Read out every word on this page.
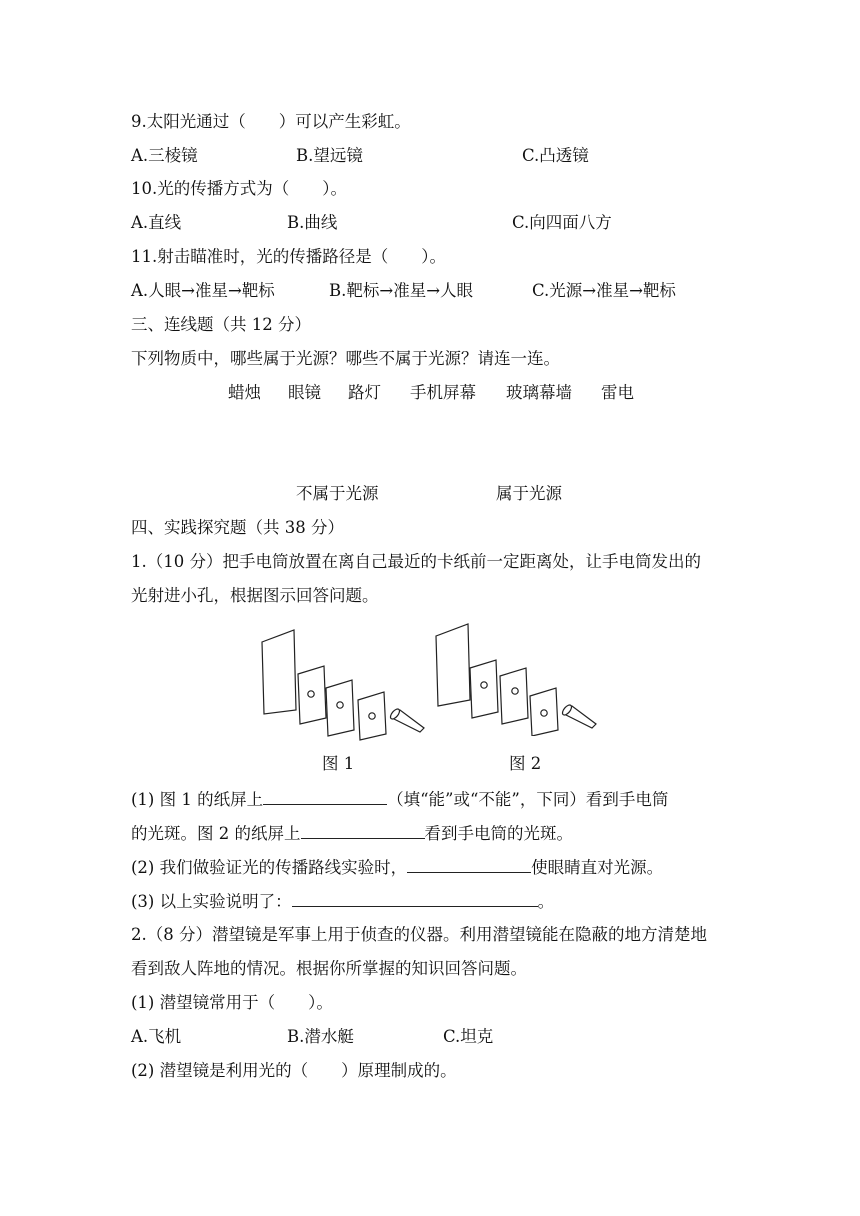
9.太阳光通过（　　）可以产生彩虹。
A.三棱镜	B.望远镜	C.凸透镜
10.光的传播方式为（　　）。
A.直线	B.曲线	C.向四面八方
11.射击瞄准时，光的传播路径是（　　）。
A.人眼→准星→靶标	B.靶标→准星→人眼	C.光源→准星→靶标
三、连线题（共 12 分）
下列物质中，哪些属于光源？哪些不属于光源？请连一连。
蜡烛 眼镜 路灯 手机屏幕 玻璃幕墙 雷电
不属于光源	属于光源
四、实践探究题（共 38 分）
1.（10 分）把手电筒放置在离自己最近的卡纸前一定距离处，让手电筒发出的
光射进小孔，根据图示回答问题。
图 1	图 2
(1) 图 1 的纸屏上	（填“能”或“不能”，下同）看到手电筒
的光斑。图 2 的纸屏上	看到手电筒的光斑。
(2) 我们做验证光的传播路线实验时，	使眼睛直对光源。
(3) 以上实验说明了：	。
2.（8 分）潜望镜是军事上用于侦查的仪器。利用潜望镜能在隐蔽的地方清楚地
看到敌人阵地的情况。根据你所掌握的知识回答问题。
(1) 潜望镜常用于（　　）。
A.飞机	B.潜水艇	C.坦克
(2) 潜望镜是利用光的（　　）原理制成的。
